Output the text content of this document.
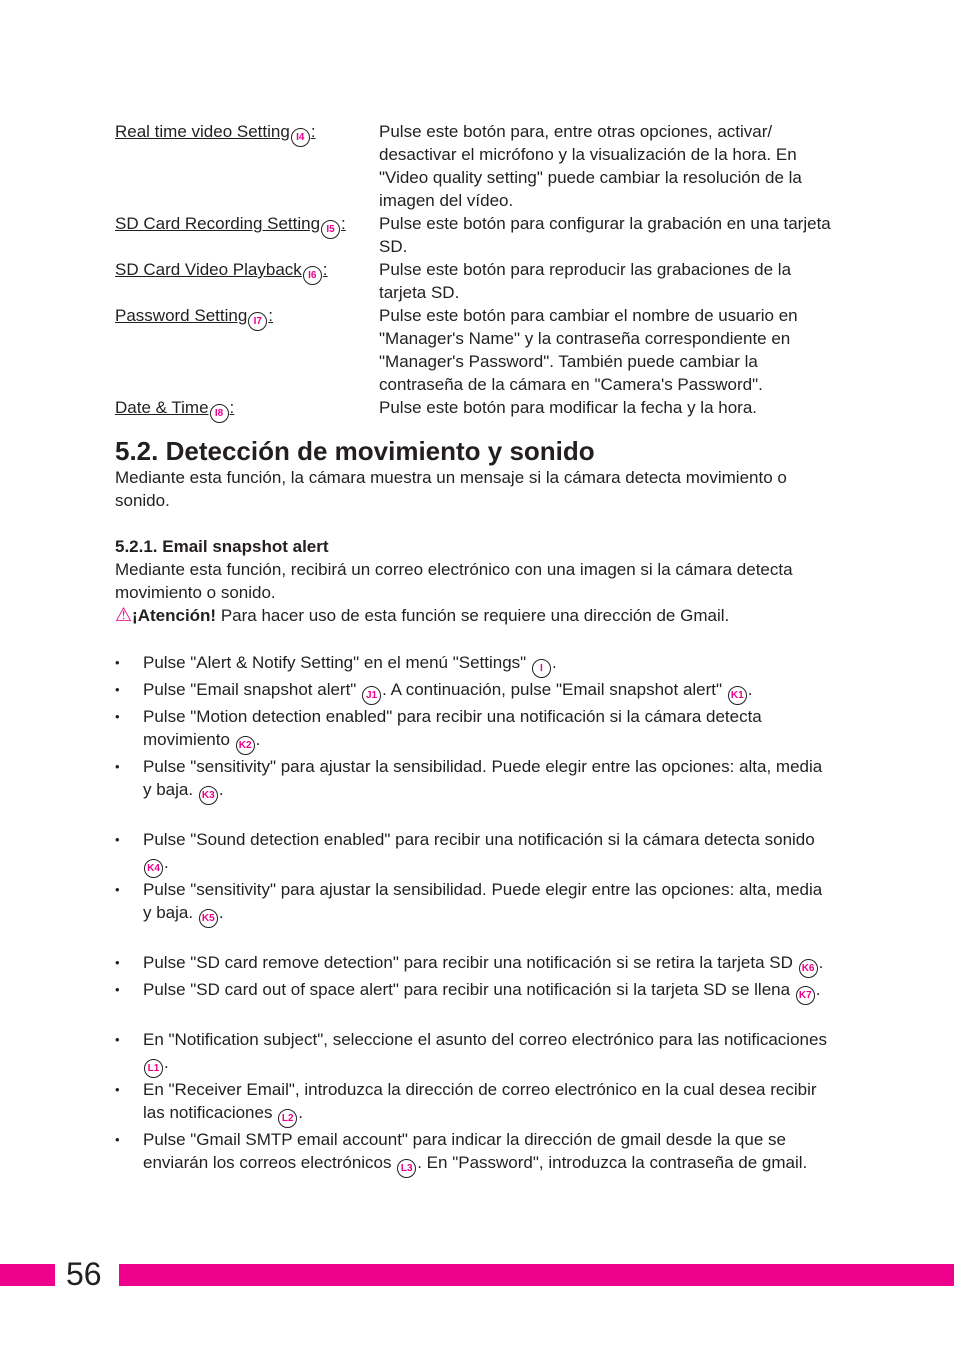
Real time video Setting I4 :	Pulse este botón para, entre otras opciones, activar/ desactivar el micrófono y la visualización de la hora. En "Video quality setting" puede cambiar la resolución de la imagen del vídeo.
SD Card Recording Setting I5 :	Pulse este botón para configurar la grabación en una tarjeta SD.
SD Card Video Playback I6 :	Pulse este botón para reproducir las grabaciones de la tarjeta SD.
Password Setting I7 :	Pulse este botón para cambiar el nombre de usuario en "Manager's Name" y la contraseña correspondiente en "Manager's Password". También puede cambiar la contraseña de la cámara en "Camera's Password".
Date & Time I8 :	Pulse este botón para modificar la fecha y la hora.
5.2. Detección de movimiento y sonido

Mediante esta función, la cámara muestra un mensaje si la cámara detecta movimiento o sonido.

5.2.1. Email snapshot alert

Mediante esta función, recibirá un correo electrónico con una imagen si la cámara detecta movimiento o sonido.

⚠¡Atención! Para hacer uso de esta función se requiere una dirección de Gmail.

• Pulse "Alert & Notify Setting" en el menú "Settings" I .
• Pulse "Email snapshot alert" J1 . A continuación, pulse "Email snapshot alert" K1 .
• Pulse "Motion detection enabled" para recibir una notificación si la cámara detecta movimiento K2 .
• Pulse "sensitivity" para ajustar la sensibilidad. Puede elegir entre las opciones: alta, media y baja. K3 .
• Pulse "Sound detection enabled" para recibir una notificación si la cámara detecta sonido K4 .
• Pulse "sensitivity" para ajustar la sensibilidad. Puede elegir entre las opciones: alta, media y baja. K5 .
• Pulse "SD card remove detection" para recibir una notificación si se retira la tarjeta SD K6 .
• Pulse "SD card out of space alert" para recibir una notificación si la tarjeta SD se llena K7 .
• En "Notification subject", seleccione el asunto del correo electrónico para las notificaciones L1 .
• En "Receiver Email", introduzca la dirección de correo electrónico en la cual desea recibir las notificaciones L2 .
• Pulse "Gmail SMTP email account" para indicar la dirección de gmail desde la que se enviarán los correos electrónicos L3 . En "Password", introduzca la contraseña de gmail.
56
